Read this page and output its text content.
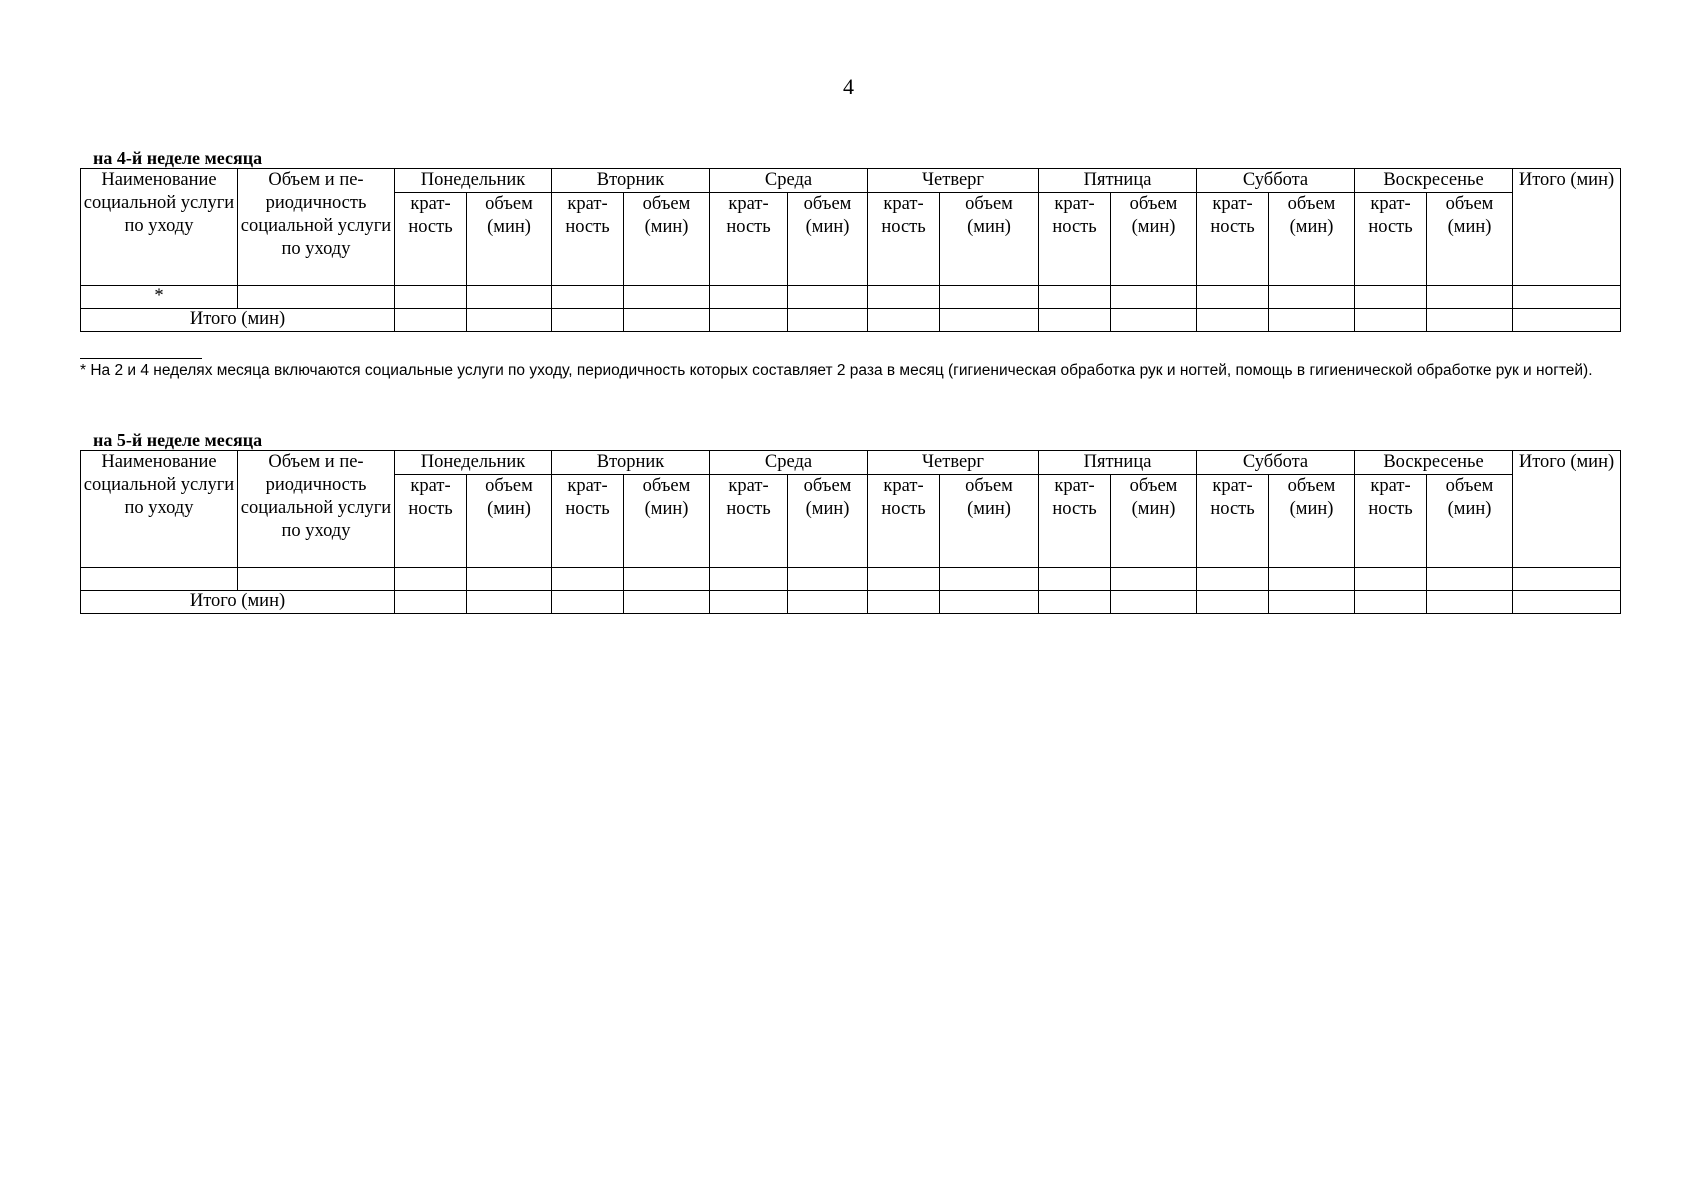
4
на 4-й неделе месяца
Наименование социальной услуги по уходу	Объем и пе-риодичность социальной услуги по уходу	Понедельник		Вторник		Среда		Четверг		Пятница		Суббота		Воскресенье		Итого (мин)
		крат-ность	объем (мин)	крат-ность	объем (мин)	крат-ность	объем (мин)	крат-ность	объем (мин)	крат-ность	объем (мин)	крат-ность	объем (мин)	крат-ность	объем (мин)	
*																
Итого (мин)																
* На 2 и 4 неделях месяца включаются социальные услуги по уходу, периодичность которых составляет 2 раза в месяц (гигиеническая обработка рук и ногтей, помощь в гигиенической обработке рук и ногтей).
на 5-й неделе месяца
Наименование социальной услуги по уходу	Объем и пе-риодичность социальной услуги по уходу	Понедельник		Вторник		Среда		Четверг		Пятница		Суббота		Воскресенье		Итого (мин)
		крат-ность	объем (мин)	крат-ность	объем (мин)	крат-ность	объем (мин)	крат-ность	объем (мин)	крат-ность	объем (мин)	крат-ность	объем (мин)	крат-ность	объем (мин)	

Итого (мин)																
